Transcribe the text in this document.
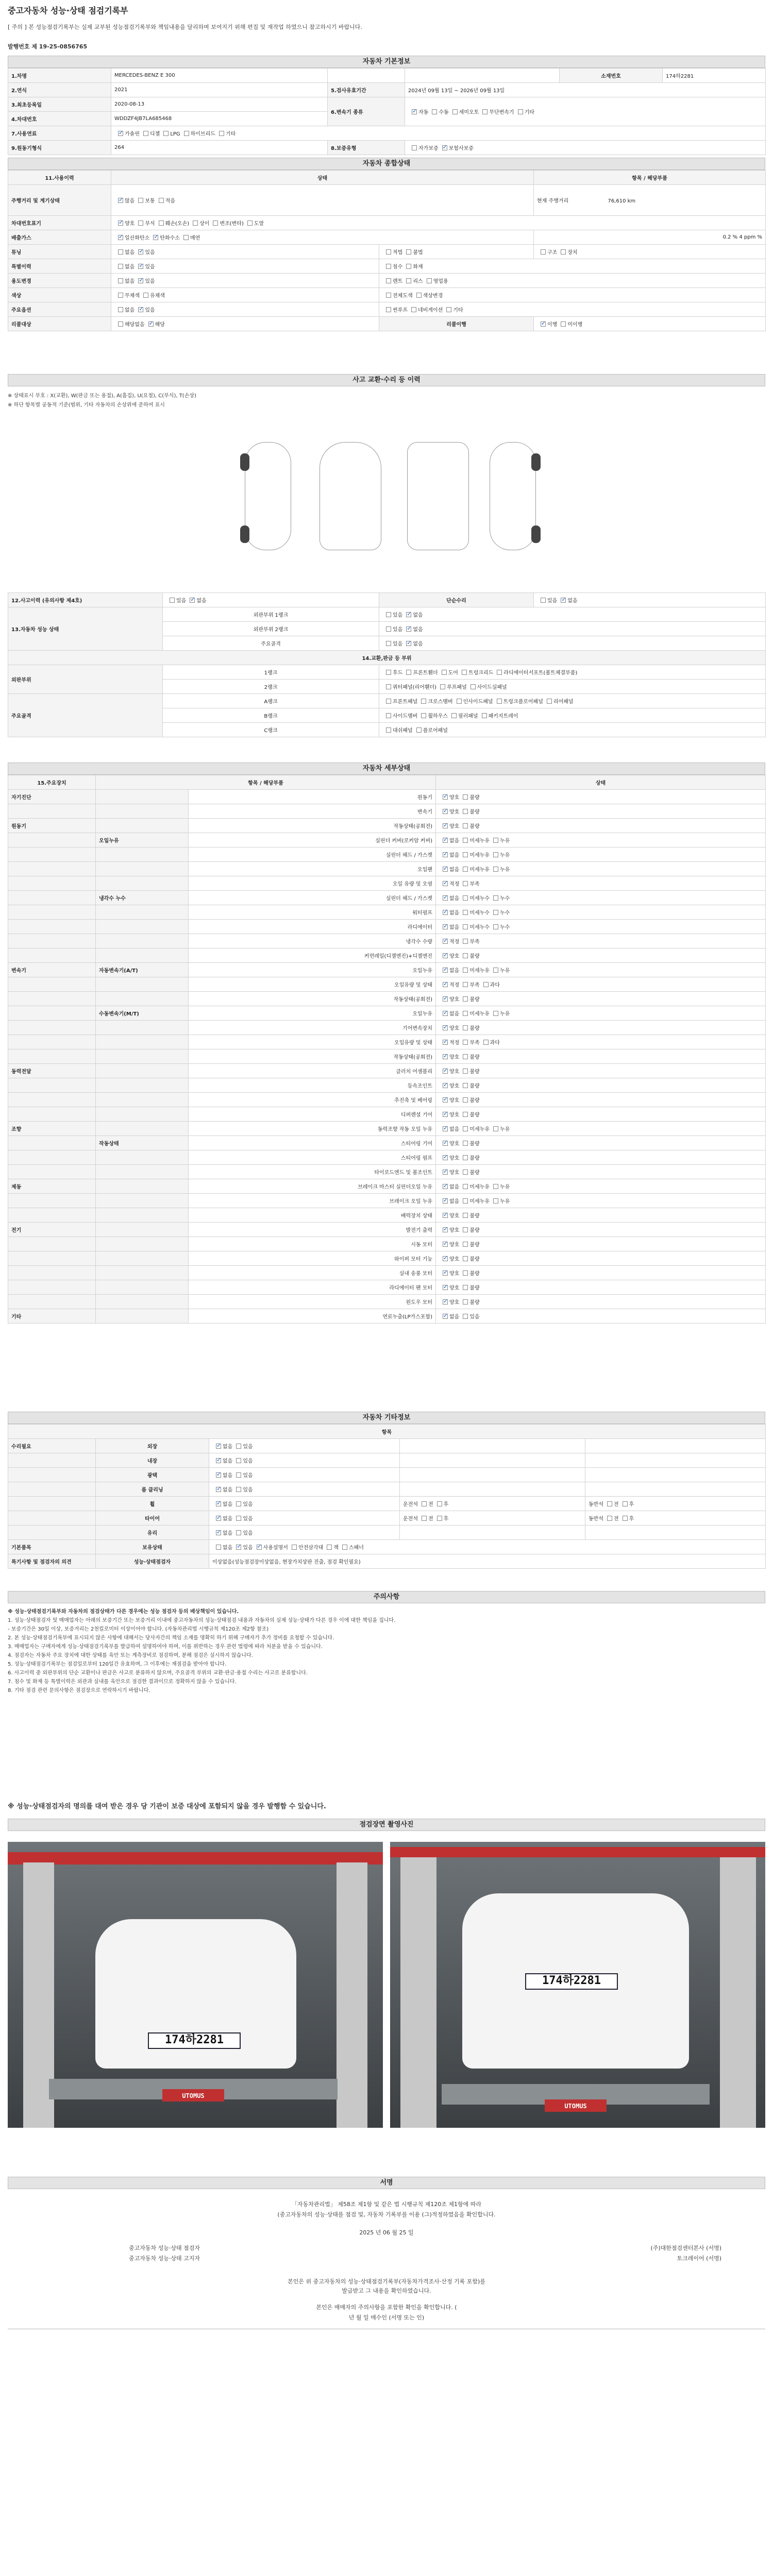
중고자동차 성능·상태 점검기록부
[ 주의 ] 본 성능점검기록부는 실제 교부된 성능점검기록부와 책임내용을 달리하며 보여지기 위해 편집 및 재작업 하였으니 참고하시기 바랍니다.
발행번호 제 19-25-0856765
자동차 기본정보
1.차명	MERCEDES-BENZ E 300			소재번호	174하2281
2.연식	2021	5.검사유효기간	2024년 09월 13일 ~ 2026년 09월 13일		
3.최초등록일	2020-08-13	6.변속기 종류	✓자동 수동 세미오토 무단변속기 기타
4.차대번호	WDDZF4JB7LA685468				
7.사용연료	✓가솔린 디젤 LPG 하이브리드 기타
9.원동기형식	264	8.보증유형	자가보증 ✓ 보험사보증
자동차 종합상태
11.사용이력	상태		항목 / 해당부품
주행거리 및 계기상태	✓많음 보통 적음		현재 주행거리 76,610 km
차대번호표기	✓양호 부식 훼손(오손) 상이 변조(변타) 도말
배출가스	✓일산화탄소 ✓ 탄화수소 매연		0.2 % 4 ppm %
튜닝	없음 ✓ 있음	적법 불법	구조 장치
특별이력	없음 ✓ 있음	침수 화재	
용도변경	없음 ✓ 있음	렌트 리스 영업용	
색상	무채색 유채색	전체도색 색상변경	
주요옵션	없음 ✓ 있음	썬루프 네비게이션 기타	
리콜대상	해당없음 ✓ 해당	리콜이행	✓이행 미이행
사고 교환·수리 등 이력
※ 상태표시 부호 : X(교환), W(판금 또는 용접), A(흠집), U(요철), C(부식), T(손상)
※ 하단 항목별 공동적 기준(범위, 기타 자동차의 손상위에 준하여 표시
12.사고이력 (유의사항 제4호)	있음 ✓ 없음	단순수리	있음 ✓ 없음
13.자동차 성능 상태	외판부위 1랭크	있음 ✓ 없음
	외판부위 2랭크	있음 ✓ 없음
	주요골격	있음 ✓ 없음
14.교환,판금 등 부위			
외판부위	1랭크	후드 프론트휀더 도어 트렁크리드 라디에이터서포트(볼트체결부품)	
	2랭크	쿼터패널(리어휀더) 루프패널 사이드실패널	
주요골격	A랭크	프론트패널 크로스멤버 인사이드패널 트렁크플로어패널 리어패널	
	B랭크	사이드멤버 휠하우스 필러패널 패키지트레이	
	C랭크	대쉬패널 플로어패널	
자동차 세부상태
15.주요장치	항목 / 해당부품		상태
자기진단		원동기	✓양호 불량
		변속기	✓양호 불량
원동기		작동상태(공회전)	✓양호 불량
	오일누유	실린더 커버(로커암 커버)	✓없음 미세누유 누유
		실린더 헤드 / 가스켓	✓없음 미세누유 누유
		오일팬	✓없음 미세누유 누유
		오일 유량 및 오염	✓적정 부족
	냉각수 누수	실린더 헤드 / 가스켓	✓없음 미세누수 누수
		워터펌프	✓없음 미세누수 누수
		라디에이터	✓없음 미세누수 누수
		냉각수 수량	✓적정 부족
		커먼레일(디젤엔진)+디젤엔진	✓양호 불량
변속기	자동변속기(A/T)	오일누유	✓없음 미세누유 누유
		오일유량 및 상태	✓적정 부족 과다
		작동상태(공회전)	✓양호 불량
	수동변속기(M/T)	오일누유	✓없음 미세누유 누유
		기어변속장치	✓양호 불량
		오일유량 및 상태	✓적정 부족 과다
		작동상태(공회전)	✓양호 불량
동력전달		클러치 어셈블리	✓양호 불량
		등속조인트	✓양호 불량
		추진축 및 베어링	✓양호 불량
		디퍼렌셜 기어	✓양호 불량
조향		동력조향 작동 오일 누유	✓없음 미세누유 누유
	작동상태	스티어링 기어	✓양호 불량
		스티어링 펌프	✓양호 불량
		타이로드엔드 및 볼조인트	✓양호 불량
제동		브레이크 마스터 실린더오일 누유	✓없음 미세누유 누유
		브레이크 오일 누유	✓없음 미세누유 누유
		배력장치 상태	✓양호 불량
전기		발전기 출력	✓양호 불량
		시동 모터	✓양호 불량
		와이퍼 모터 기능	✓양호 불량
		실내 송풍 모터	✓양호 불량
		라디에이터 팬 모터	✓양호 불량
		윈도우 모터	✓양호 불량
기타		연료누출(LP가스포함)	✓없음 있음
자동차 기타정보
항목				
수리필요	외장	✓없음 있음		
	내장	✓없음 있음		
	광택	✓없음 있음		
	룸 클리닝	✓없음 있음		
	휠	✓없음 있음	운전석 전 후	동반석 전 후
	타이어	✓없음 있음	운전석 전 후	동반석 전 후
	유리	✓없음 있음		
기본품목	보유상태	없음 ✓ 있음 ✓ 사용설명서 안전삼각대 잭 스패너
특기사항 및 점검자의 의견	성능·상태점검자	이상없음(성능점검장이상없음, 현장가치상판 진출, 점검 확인필요)		
주의사항
※ 성능·상태점검기록부와 자동차의 점검상태가 다른 경우에는 성능 점검자 등의 배상책임이 있습니다.
1. 성능·상태점검자 및 매매업자는 아래의 보증기간 또는 보증거리 이내에 중고자동차의 성능·상태점검 내용과 자동차의 실제 성능·상태가 다른 경우 이에 대한 책임을 집니다.
- 보증기간은 30일 이상, 보증거리는 2천킬로미터 이상이어야 합니다. (자동차관리법 시행규칙 제120조 제2항 참조)
2. 본 성능·상태점검기록부에 표시되지 않은 사항에 대해서는 당사자간의 책임 소재를 명확히 하기 위해 구매자가 추가 정비를 요청할 수 있습니다.
3. 매매업자는 구매자에게 성능·상태점검기록부를 발급하여 설명하여야 하며, 이를 위반하는 경우 관련 법령에 따라 처분을 받을 수 있습니다.
4. 점검자는 자동차 주요 장치에 대한 상태를 육안 또는 계측장비로 점검하며, 분해 점검은 실시하지 않습니다.
5. 성능·상태점검기록부는 점검일로부터 120일간 유효하며, 그 이후에는 재점검을 받아야 합니다.
6. 사고이력 중 외판부위의 단순 교환이나 판금은 사고로 분류하지 않으며, 주요골격 부위의 교환·판금·용접 수리는 사고로 분류합니다.
7. 침수 및 화재 등 특별이력은 외관과 실내를 육안으로 점검한 결과이므로 정확하지 않을 수 있습니다.
8. 기타 점검 관련 문의사항은 점검장으로 연락하시기 바랍니다.
※ 성능·상태점검자의 명의를 대여 받은 경우 당 기관이 보증 대상에 포함되지 않을 경우 발행함 수 있습니다.
점검장면 촬영사진
174하2281
UTOMUS
174하2281
UTOMUS
서명
「자동차관리법」 제58조 제1항 및 같은 법 시행규칙 제120조 제1항에 따라
(중고자동차의 성능·상태를 점검 및, 자동차 기록부를 이용 (그)적정하였음을 확인합니다.
2025 년 06 월 25 일
중고자동차 성능·상태 점검자
중고자동차 성능·상태 고지자
(주)대한점검센터본사 (서명)
토크레이어 (서명)
본인은 위 중고자동차의 성능·상태점검기록부(자동차가격조사·산정 기록 포함)를
발급받고 그 내용을 확인하였습니다.
본인은 매매자의 주의사항을 포함한 확인을 확인합니다. (
년 월 일 매수인 (서명 또는 인)
